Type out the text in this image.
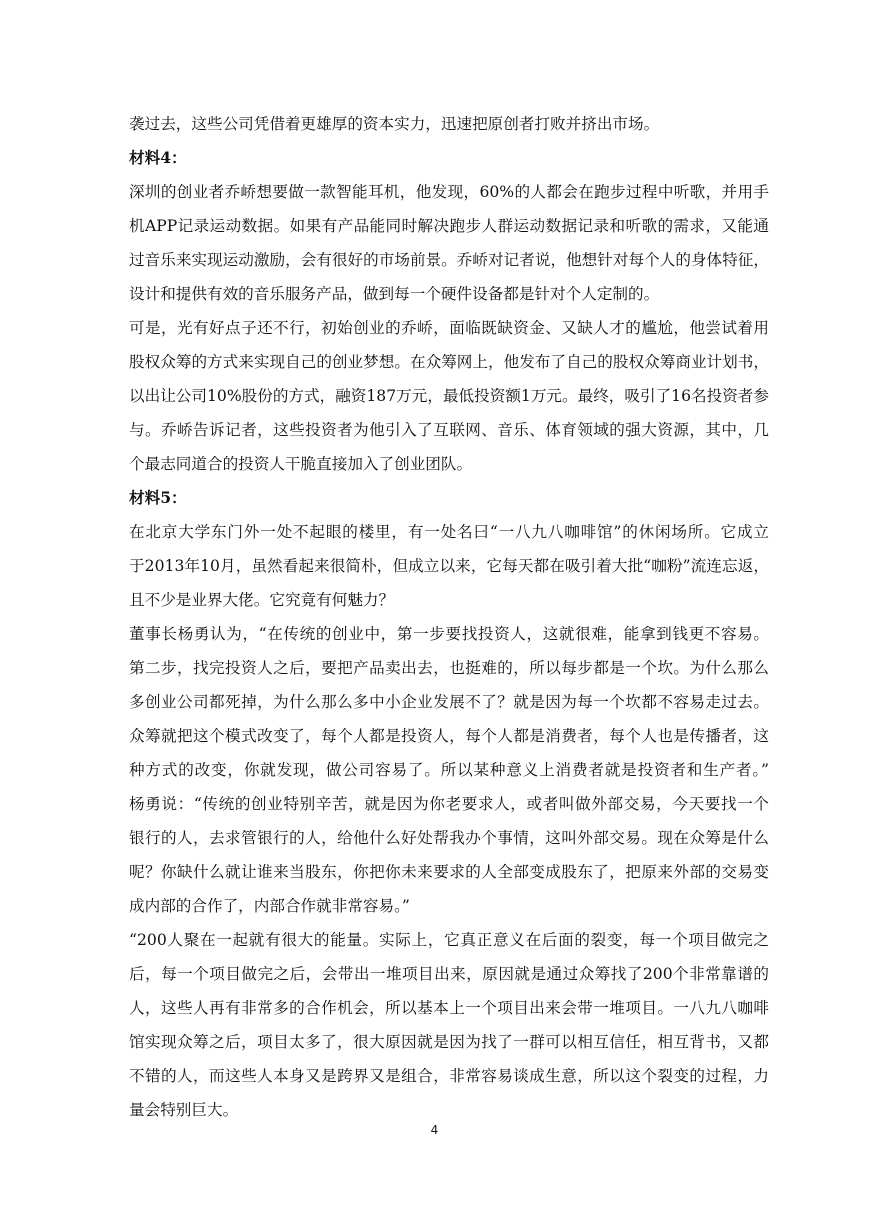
袭过去，这些公司凭借着更雄厚的资本实力，迅速把原创者打败并挤出市场。
材料4：
深圳的创业者乔峤想要做一款智能耳机，他发现，60%的人都会在跑步过程中听歌，并用手
机APP记录运动数据。如果有产品能同时解决跑步人群运动数据记录和听歌的需求，又能通
过音乐来实现运动激励，会有很好的市场前景。乔峤对记者说，他想针对每个人的身体特征，
设计和提供有效的音乐服务产品，做到每一个硬件设备都是针对个人定制的。
可是，光有好点子还不行，初始创业的乔峤，面临既缺资金、又缺人才的尴尬，他尝试着用
股权众筹的方式来实现自己的创业梦想。在众筹网上，他发布了自己的股权众筹商业计划书，
以出让公司10%股份的方式，融资187万元，最低投资额1万元。最终，吸引了16名投资者参
与。乔峤告诉记者，这些投资者为他引入了互联网、音乐、体育领域的强大资源，其中，几
个最志同道合的投资人干脆直接加入了创业团队。
材料5：
在北京大学东门外一处不起眼的楼里，有一处名曰“一八九八咖啡馆”的休闲场所。它成立
于2013年10月，虽然看起来很简朴，但成立以来，它每天都在吸引着大批“咖粉”流连忘返，
且不少是业界大佬。它究竟有何魅力？
董事长杨勇认为，“在传统的创业中，第一步要找投资人，这就很难，能拿到钱更不容易。
第二步，找完投资人之后，要把产品卖出去，也挺难的，所以每步都是一个坎。为什么那么
多创业公司都死掉，为什么那么多中小企业发展不了？就是因为每一个坎都不容易走过去。
众筹就把这个模式改变了，每个人都是投资人，每个人都是消费者，每个人也是传播者，这
种方式的改变，你就发现，做公司容易了。所以某种意义上消费者就是投资者和生产者。”
杨勇说：“传统的创业特别辛苦，就是因为你老要求人，或者叫做外部交易，今天要找一个
银行的人，去求管银行的人，给他什么好处帮我办个事情，这叫外部交易。现在众筹是什么
呢？你缺什么就让谁来当股东，你把你未来要求的人全部变成股东了，把原来外部的交易变
成内部的合作了，内部合作就非常容易。”
“200人聚在一起就有很大的能量。实际上，它真正意义在后面的裂变，每一个项目做完之
后，每一个项目做完之后，会带出一堆项目出来，原因就是通过众筹找了200个非常靠谱的
人，这些人再有非常多的合作机会，所以基本上一个项目出来会带一堆项目。一八九八咖啡
馆实现众筹之后，项目太多了，很大原因就是因为找了一群可以相互信任，相互背书，又都
不错的人，而这些人本身又是跨界又是组合，非常容易谈成生意，所以这个裂变的过程，力
量会特别巨大。
4
